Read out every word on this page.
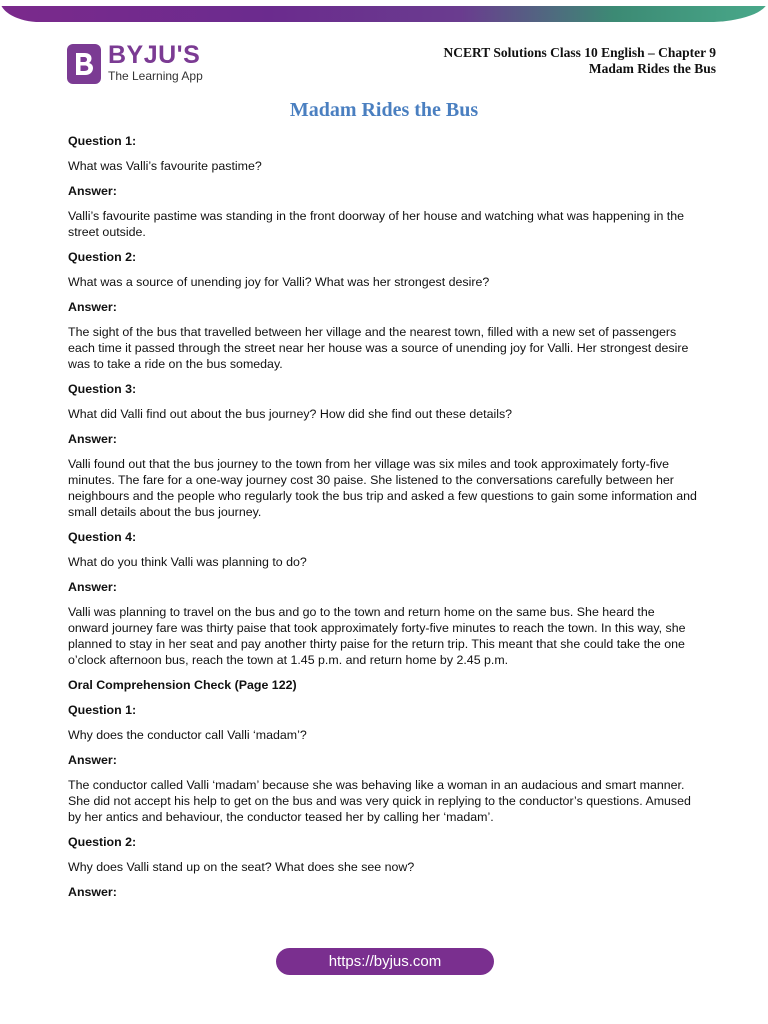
BYJU'S
The Learning App
NCERT Solutions Class 10 English – Chapter 9
Madam Rides the Bus
Madam Rides the Bus
Question 1:
What was Valli’s favourite pastime?
Answer:
Valli’s favourite pastime was standing in the front doorway of her house and watching what was happening in the street outside.
Question 2:
What was a source of unending joy for Valli? What was her strongest desire?
Answer:
The sight of the bus that travelled between her village and the nearest town, filled with a new set of passengers each time it passed through the street near her house was a source of unending joy for Valli. Her strongest desire was to take a ride on the bus someday.
Question 3:
What did Valli find out about the bus journey? How did she find out these details?
Answer:
Valli found out that the bus journey to the town from her village was six miles and took approximately forty-five minutes. The fare for a one-way journey cost 30 paise. She listened to the conversations carefully between her neighbours and the people who regularly took the bus trip and asked a few questions to gain some information and small details about the bus journey.
Question 4:
What do you think Valli was planning to do?
Answer:
Valli was planning to travel on the bus and go to the town and return home on the same bus. She heard the onward journey fare was thirty paise that took approximately forty-five minutes to reach the town. In this way, she planned to stay in her seat and pay another thirty paise for the return trip. This meant that she could take the one o’clock afternoon bus, reach the town at 1.45 p.m. and return home by 2.45 p.m.
Oral Comprehension Check (Page 122)
Question 1:
Why does the conductor call Valli ‘madam’?
Answer:
The conductor called Valli ‘madam’ because she was behaving like a woman in an audacious and smart manner. She did not accept his help to get on the bus and was very quick in replying to the conductor’s questions. Amused by her antics and behaviour, the conductor teased her by calling her ‘madam’.
Question 2:
Why does Valli stand up on the seat? What does she see now?
Answer:
https://byjus.com
